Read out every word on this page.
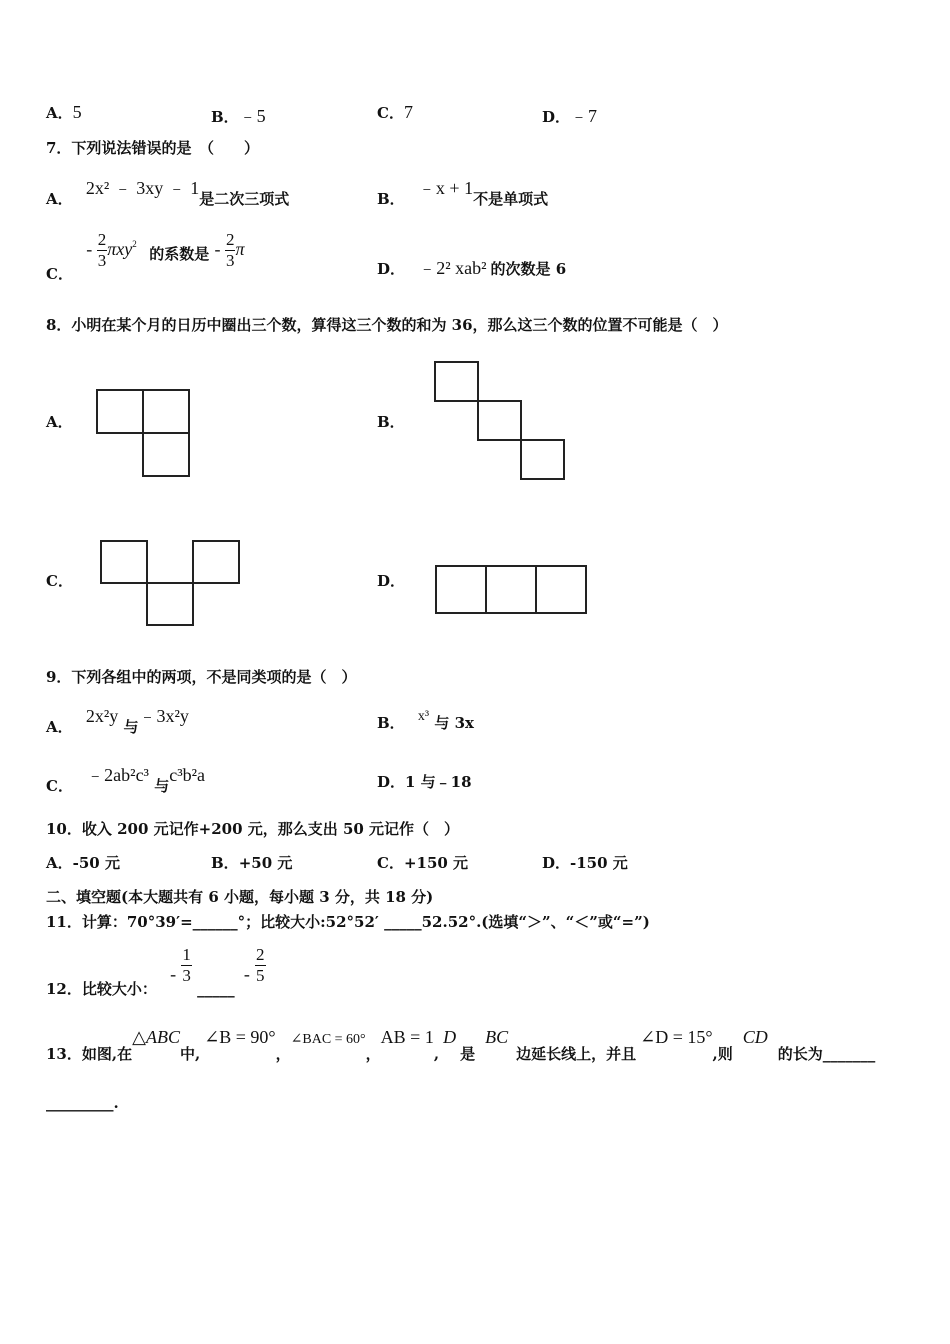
A．5	B．﹣5	C．7	D．﹣7
7．下列说法错误的是　（　　）
A． 2x² ﹣ 3xy ﹣ 1是二次三项式	B． ﹣x + 1不是单项式
C． - $\frac{2}{3} \pi xy^2$ 的系数是 - $\frac{2}{3}$ π
D． ﹣2² xab² 的次数是 6
8．小明在某个月的日历中圈出三个数，算得这三个数的和为 36，那么这三个数的位置不可能是（　）
A．	B．
C．	D．
9．下列各组中的两项，不是同类项的是（　）
A． 2x²y 与﹣3x²y	B． x³ 与 3x
C． ﹣2ab²c³ 与c³b²a	D．1 与﹣18
10．收入 200 元记作+200 元，那么支出 50 元记作（　）
A．-50 元	B．+50 元	C．+150 元	D．-150 元
二、填空题(本大题共有 6 小题，每小题 3 分，共 18 分)
11．计算：70°39′=______°；比较大小:52°52′ _____52.52°.(选填“＞”、“＜”或“=”)
12．比较大小： - $\frac{1}{3}$
_____ - $\frac{2}{5}$
13．如图,在△ABC中,∠B = 90°，∠BAC = 60°，AB = 1,D是BC边延长线上，并且∠D = 15°,则CD的长为_______
_________.
